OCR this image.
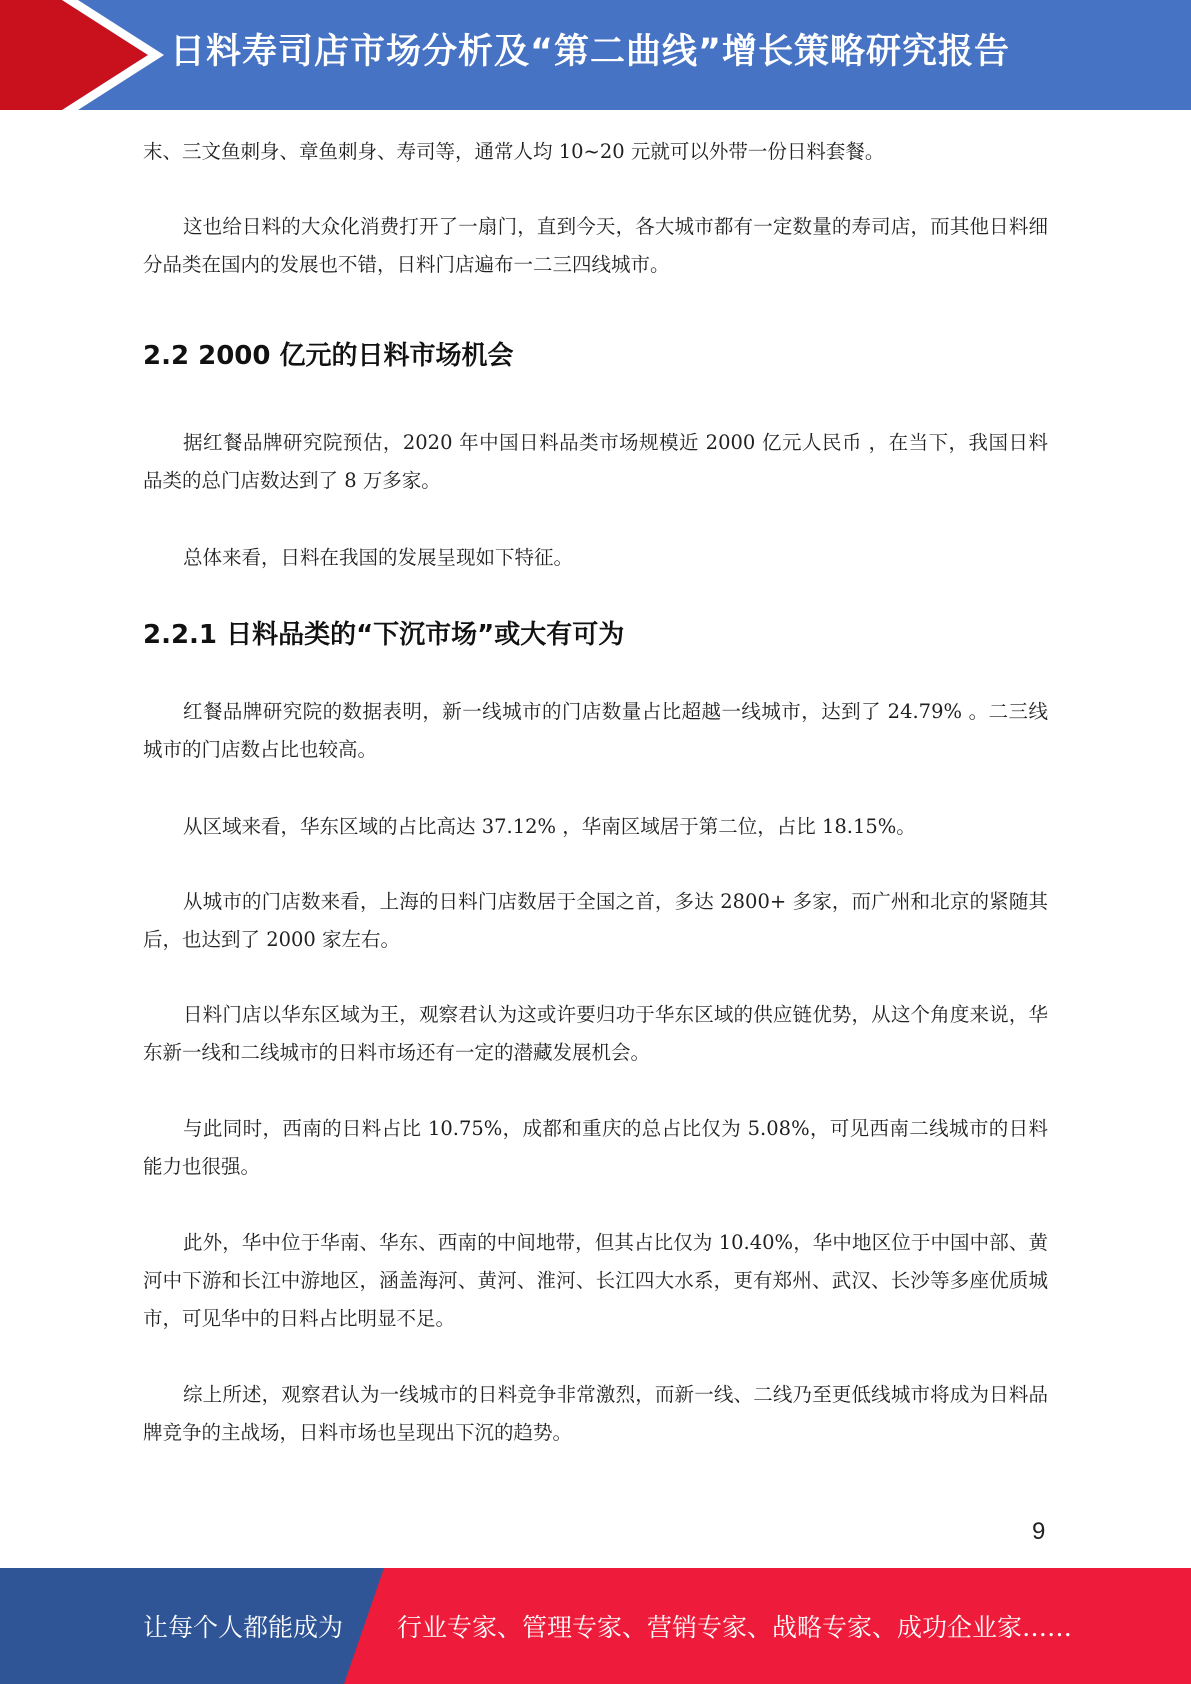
日料寿司店市场分析及“第二曲线”增长策略研究报告

末、三文鱼刺身、章鱼刺身、寿司等，通常人均 10~20 元就可以外带一份日料套餐。

这也给日料的大众化消费打开了一扇门，直到今天，各大城市都有一定数量的寿司店，而其他日料细分品类在国内的发展也不错，日料门店遍布一二三四线城市。

2.2 2000 亿元的日料市场机会

据红餐品牌研究院预估，2020 年中国日料品类市场规模近 2000 亿元人民币 ，在当下，我国日料品类的总门店数达到了 8 万多家。

总体来看，日料在我国的发展呈现如下特征。

2.2.1 日料品类的“下沉市场”或大有可为

红餐品牌研究院的数据表明，新一线城市的门店数量占比超越一线城市，达到了 24.79% 。二三线城市的门店数占比也较高。

从区域来看，华东区域的占比高达 37.12% ，华南区域居于第二位，占比 18.15%。

从城市的门店数来看，上海的日料门店数居于全国之首，多达 2800+ 多家，而广州和北京的紧随其后，也达到了 2000 家左右。

日料门店以华东区域为王，观察君认为这或许要归功于华东区域的供应链优势，从这个角度来说，华东新一线和二线城市的日料市场还有一定的潜藏发展机会。

与此同时，西南的日料占比 10.75%，成都和重庆的总占比仅为 5.08%，可见西南二线城市的日料能力也很强。

此外，华中位于华南、华东、西南的中间地带，但其占比仅为 10.40%，华中地区位于中国中部、黄河中下游和长江中游地区，涵盖海河、黄河、淮河、长江四大水系，更有郑州、武汉、长沙等多座优质城市，可见华中的日料占比明显不足。

综上所述，观察君认为一线城市的日料竞争非常激烈，而新一线、二线乃至更低线城市将成为日料品牌竞争的主战场，日料市场也呈现出下沉的趋势。

9
让每个人都能成为 行业专家、管理专家、营销专家、战略专家、成功企业家……
